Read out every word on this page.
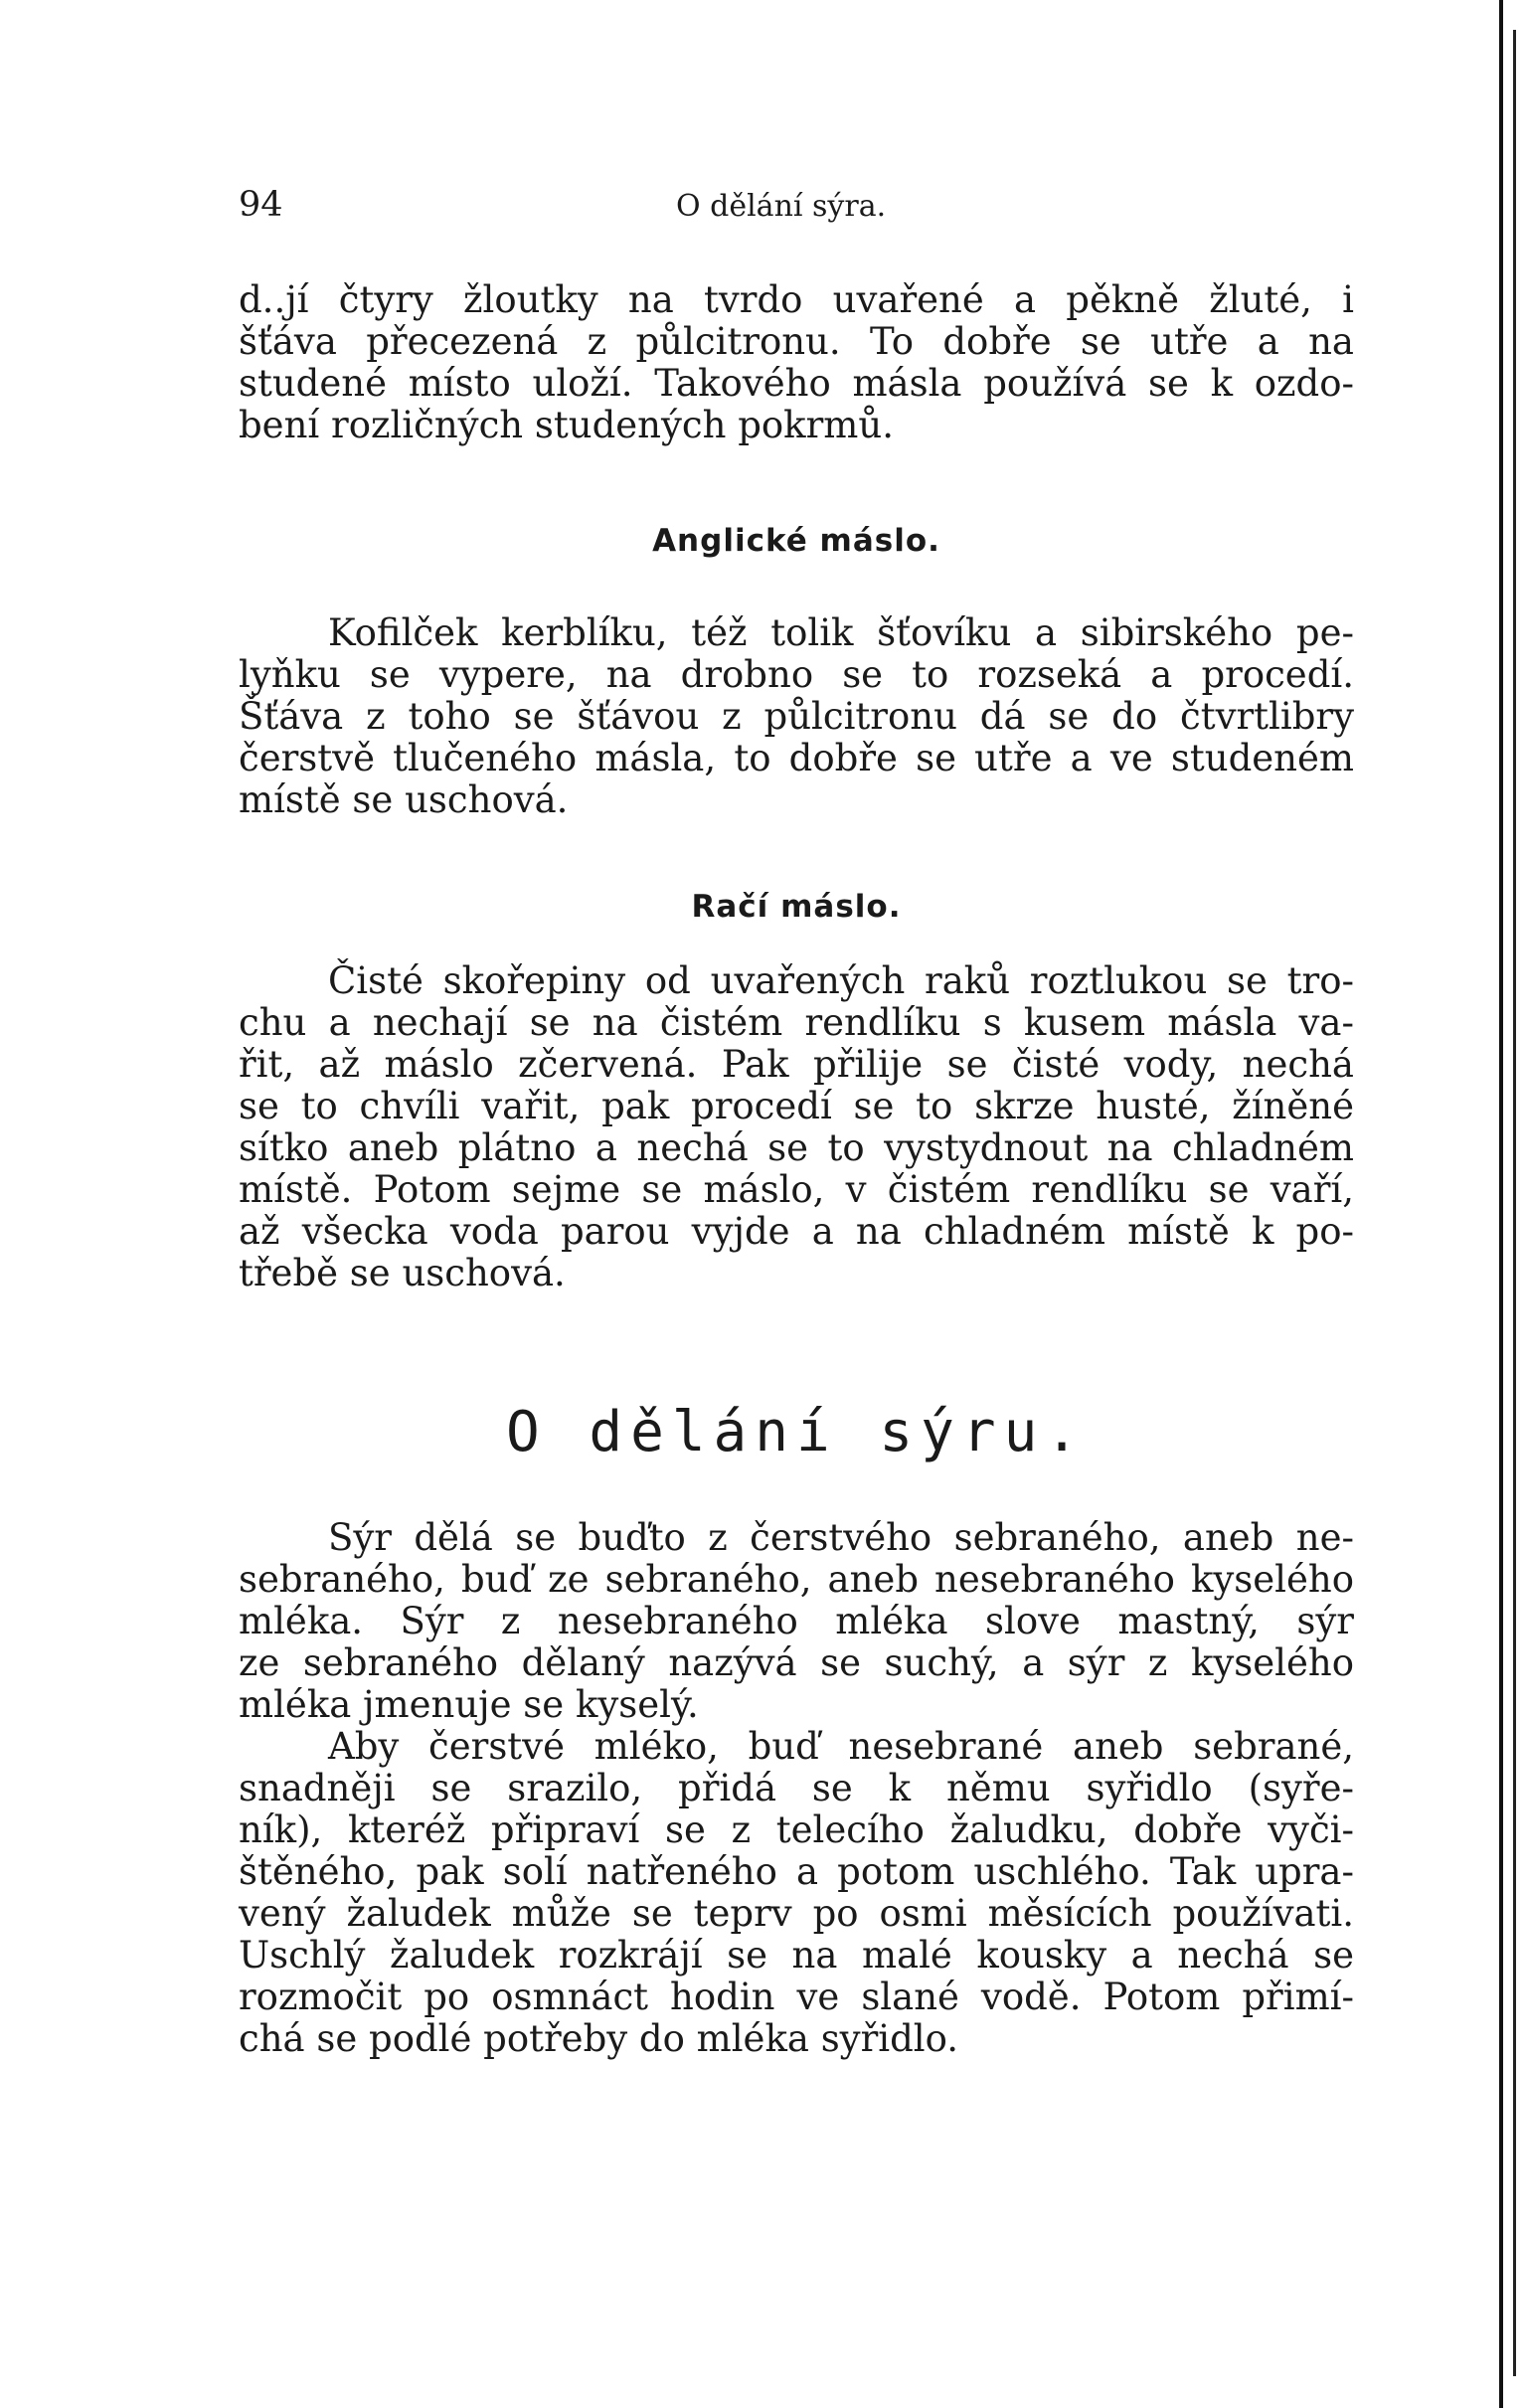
94	O dělání sýra.
d..jí čtyry žloutky na tvrdo uvařené a pěkně žluté, i
šťáva přecezená z půlcitronu. To dobře se utře a na
studené místo uloží. Takového másla používá se k ozdo-
bení rozličných studených pokrmů.
Anglické máslo.
Kofilček kerblíku, též tolik šťovíku a sibirského pe-
lyňku se vypere, na drobno se to rozseká a procedí.
Šťáva z toho se šťávou z půlcitronu dá se do čtvrtlibry
čerstvě tlučeného másla, to dobře se utře a ve studeném
místě se uschová.
Račí máslo.
Čisté skořepiny od uvařených raků roztlukou se tro-
chu a nechají se na čistém rendlíku s kusem másla va-
řit, až máslo zčervená. Pak přilije se čisté vody, nechá
se to chvíli vařit, pak procedí se to skrze husté, žíněné
sítko aneb plátno a nechá se to vystydnout na chladném
místě. Potom sejme se máslo, v čistém rendlíku se vaří,
až všecka voda parou vyjde a na chladném místě k po-
třebě se uschová.
O dělání sýru.
Sýr dělá se buďto z čerstvého sebraného, aneb ne-
sebraného, buď ze sebraného, aneb nesebraného kyselého
mléka. Sýr z nesebraného mléka slove mastný, sýr
ze sebraného dělaný nazývá se suchý, a sýr z kyselého
mléka jmenuje se kyselý.
Aby čerstvé mléko, buď nesebrané aneb sebrané,
snadněji se srazilo, přidá se k němu syřidlo (syře-
ník), kteréž připraví se z telecího žaludku, dobře vyči-
štěného, pak solí natřeného a potom uschlého. Tak upra-
vený žaludek může se teprv po osmi měsících používati.
Uschlý žaludek rozkrájí se na malé kousky a nechá se
rozmočit po osmnáct hodin ve slané vodě. Potom přimí-
chá se podlé potřeby do mléka syřidlo.
